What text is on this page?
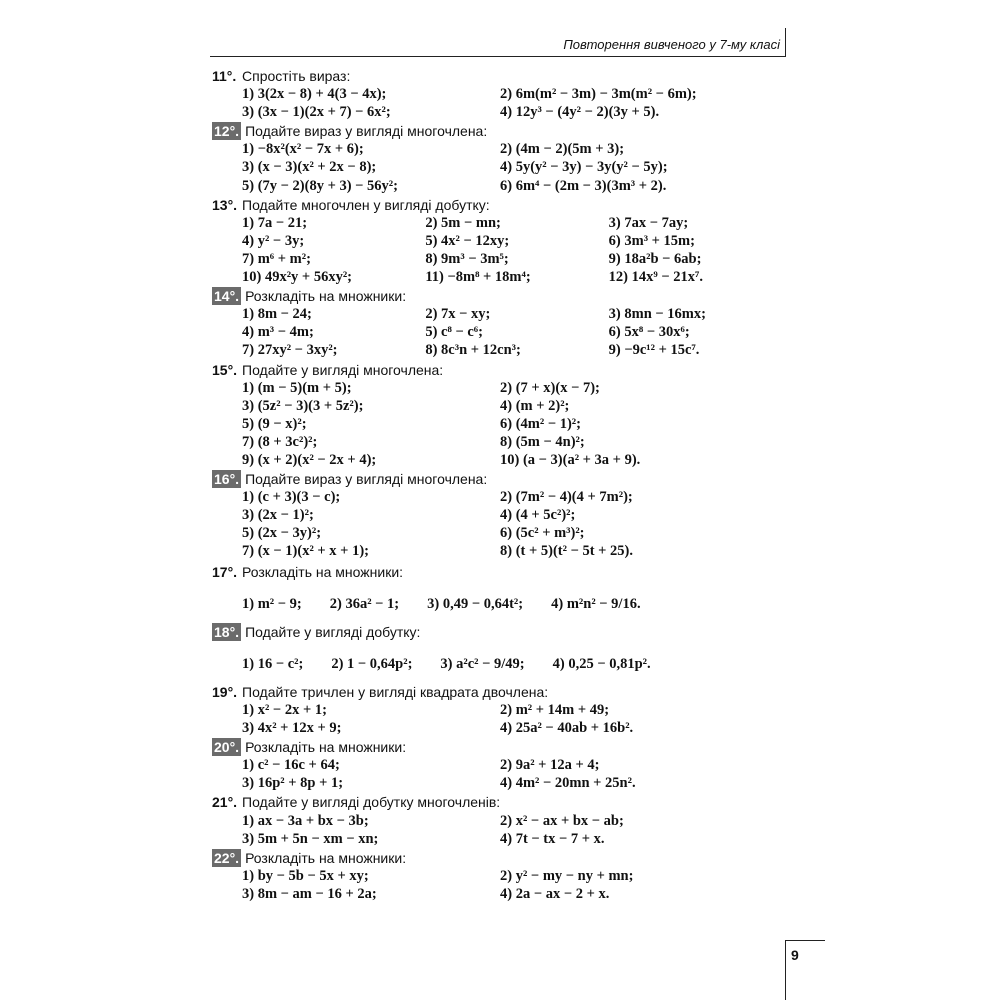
Повторення вивченого у 7-му класі
11°. Спростіть вираз:
1) 3(2x − 8) + 4(3 − 4x);	2) 6m(m² − 3m) − 3m(m² − 6m);
3) (3x − 1)(2x + 7) − 6x²;	4) 12y³ − (4y² − 2)(3y + 5).
12°. Подайте вираз у вигляді многочлена:
1) −8x²(x² − 7x + 6);	2) (4m − 2)(5m + 3);
3) (x − 3)(x² + 2x − 8);	4) 5y(y² − 3y) − 3y(y² − 5y);
5) (7y − 2)(8y + 3) − 56y²;	6) 6m⁴ − (2m − 3)(3m³ + 2).
13°. Подайте многочлен у вигляді добутку:
1) 7a − 21;	2) 5m − mn;	3) 7ax − 7ay;
4) y² − 3y;	5) 4x² − 12xy;	6) 3m³ + 15m;
7) m⁶ + m²;	8) 9m³ − 3m⁵;	9) 18a²b − 6ab;
10) 49x²y + 56xy²;	11) −8m⁸ + 18m⁴;	12) 14x⁹ − 21x⁷.
14°. Розкладіть на множники:
1) 8m − 24;	2) 7x − xy;	3) 8mn − 16mx;
4) m³ − 4m;	5) c⁸ − c⁶;	6) 5x⁸ − 30x⁶;
7) 27xy² − 3xy²;	8) 8c³n + 12cn³;	9) −9c¹² + 15c⁷.
15°. Подайте у вигляді многочлена:
1) (m − 5)(m + 5);	2) (7 + x)(x − 7);
3) (5z² − 3)(3 + 5z²);	4) (m + 2)²;
5) (9 − x)²;	6) (4m² − 1)²;
7) (8 + 3c²)²;	8) (5m − 4n)²;
9) (x + 2)(x² − 2x + 4);	10) (a − 3)(a² + 3a + 9).
16°. Подайте вираз у вигляді многочлена:
1) (c + 3)(3 − c);	2) (7m² − 4)(4 + 7m²);
3) (2x − 1)²;	4) (4 + 5c²)²;
5) (2x − 3y)²;	6) (5c² + m³)²;
7) (x − 1)(x² + x + 1);	8) (t + 5)(t² − 5t + 25).
17°. Розкладіть на множники:
1) m² − 9; 2) 36a² − 1; 3) 0,49 − 0,64t²; 4) m²n² − 9/16.
18°. Подайте у вигляді добутку:
1) 16 − c²; 2) 1 − 0,64p²; 3) a²c² − 9/49; 4) 0,25 − 0,81p².
19°. Подайте тричлен у вигляді квадрата двочлена:
1) x² − 2x + 1;	2) m² + 14m + 49;
3) 4x² + 12x + 9;	4) 25a² − 40ab + 16b².
20°. Розкладіть на множники:
1) c² − 16c + 64;	2) 9a² + 12a + 4;
3) 16p² + 8p + 1;	4) 4m² − 20mn + 25n².
21°. Подайте у вигляді добутку многочленів:
1) ax − 3a + bx − 3b;	2) x² − ax + bx − ab;
3) 5m + 5n − xm − xn;	4) 7t − tx − 7 + x.
22°. Розкладіть на множники:
1) by − 5b − 5x + xy;	2) y² − my − ny + mn;
3) 8m − am − 16 + 2a;	4) 2a − ax − 2 + x.
9
